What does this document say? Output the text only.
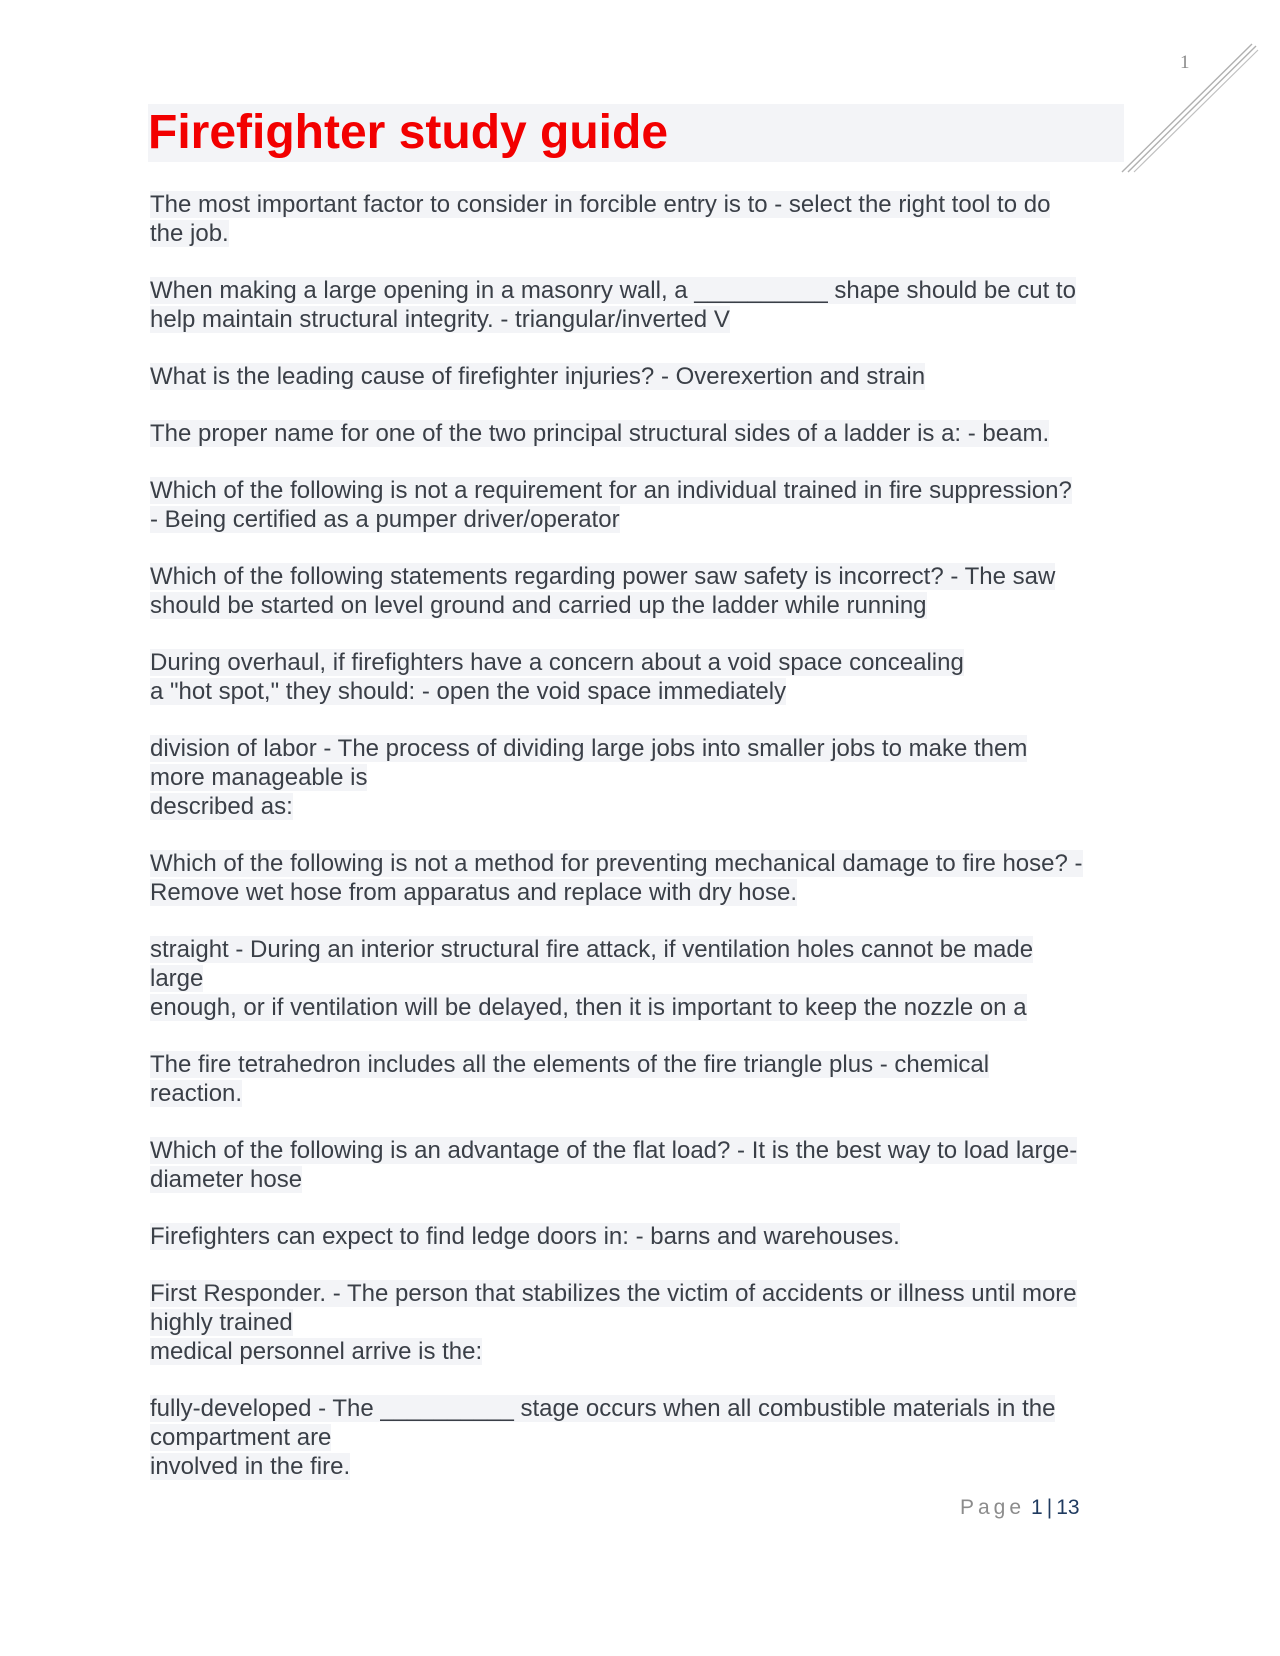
1
Firefighter study guide
The most important factor to consider in forcible entry is to - select the right tool to do
the job.
When making a large opening in a masonry wall, a __________ shape should be cut to
help maintain structural integrity. - triangular/inverted V
What is the leading cause of firefighter injuries? - Overexertion and strain
The proper name for one of the two principal structural sides of a ladder is a: - beam.
Which of the following is not a requirement for an individual trained in fire suppression?
- Being certified as a pumper driver/operator
Which of the following statements regarding power saw safety is incorrect? - The saw
should be started on level ground and carried up the ladder while running
During overhaul, if firefighters have a concern about a void space concealing
a "hot spot," they should: - open the void space immediately
division of labor - The process of dividing large jobs into smaller jobs to make them
more manageable is
described as:
Which of the following is not a method for preventing mechanical damage to fire hose? -
Remove wet hose from apparatus and replace with dry hose.
straight - During an interior structural fire attack, if ventilation holes cannot be made
large
enough, or if ventilation will be delayed, then it is important to keep the nozzle on a
The fire tetrahedron includes all the elements of the fire triangle plus - chemical
reaction.
Which of the following is an advantage of the flat load? - It is the best way to load large-
diameter hose
Firefighters can expect to find ledge doors in: - barns and warehouses.
First Responder. - The person that stabilizes the victim of accidents or illness until more
highly trained
medical personnel arrive is the:
fully-developed - The __________ stage occurs when all combustible materials in the
compartment are
involved in the fire.
Page 1 | 13
